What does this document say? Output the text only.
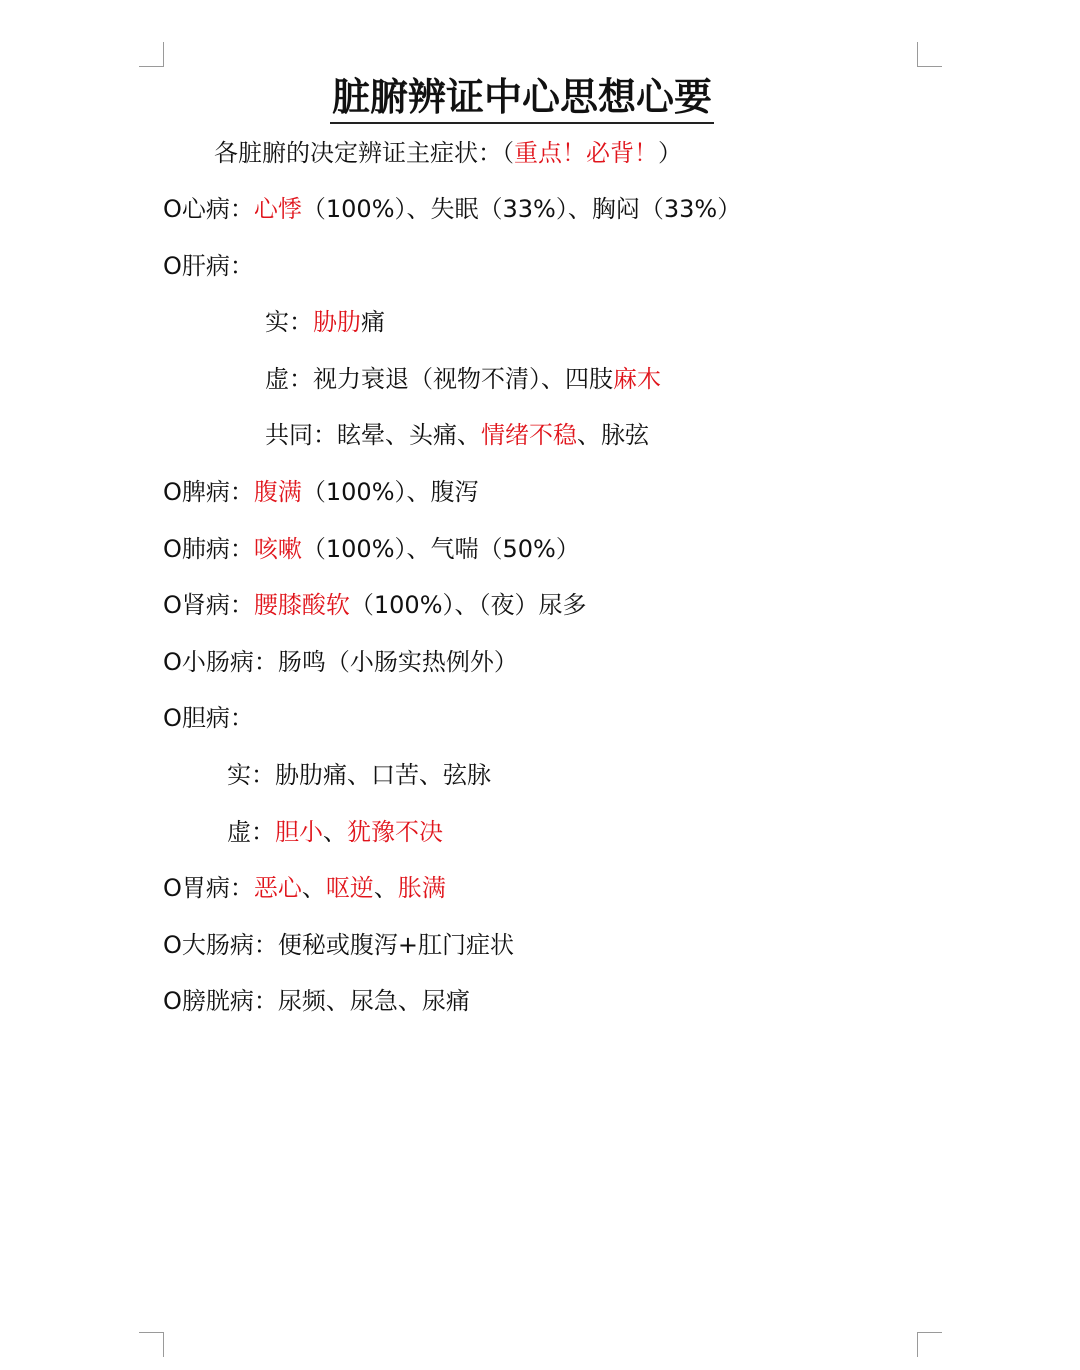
脏腑辨证中心思想心要
各脏腑的决定辨证主症状：（重点！必背！）
O心病：心悸（100%）、失眠（33%）、胸闷（33%）
O肝病：
实：胁肋痛
虚：视力衰退（视物不清）、四肢麻木
共同：眩晕、头痛、情绪不稳、脉弦
O脾病：腹满（100%）、腹泻
O肺病：咳嗽（100%）、气喘（50%）
O肾病：腰膝酸软（100%）、（夜）尿多
O小肠病：肠鸣（小肠实热例外）
O胆病：
实：胁肋痛、口苦、弦脉
虚：胆小、犹豫不决
O胃病：恶心、呕逆、胀满
O大肠病：便秘或腹泻+肛门症状
O膀胱病：尿频、尿急、尿痛
